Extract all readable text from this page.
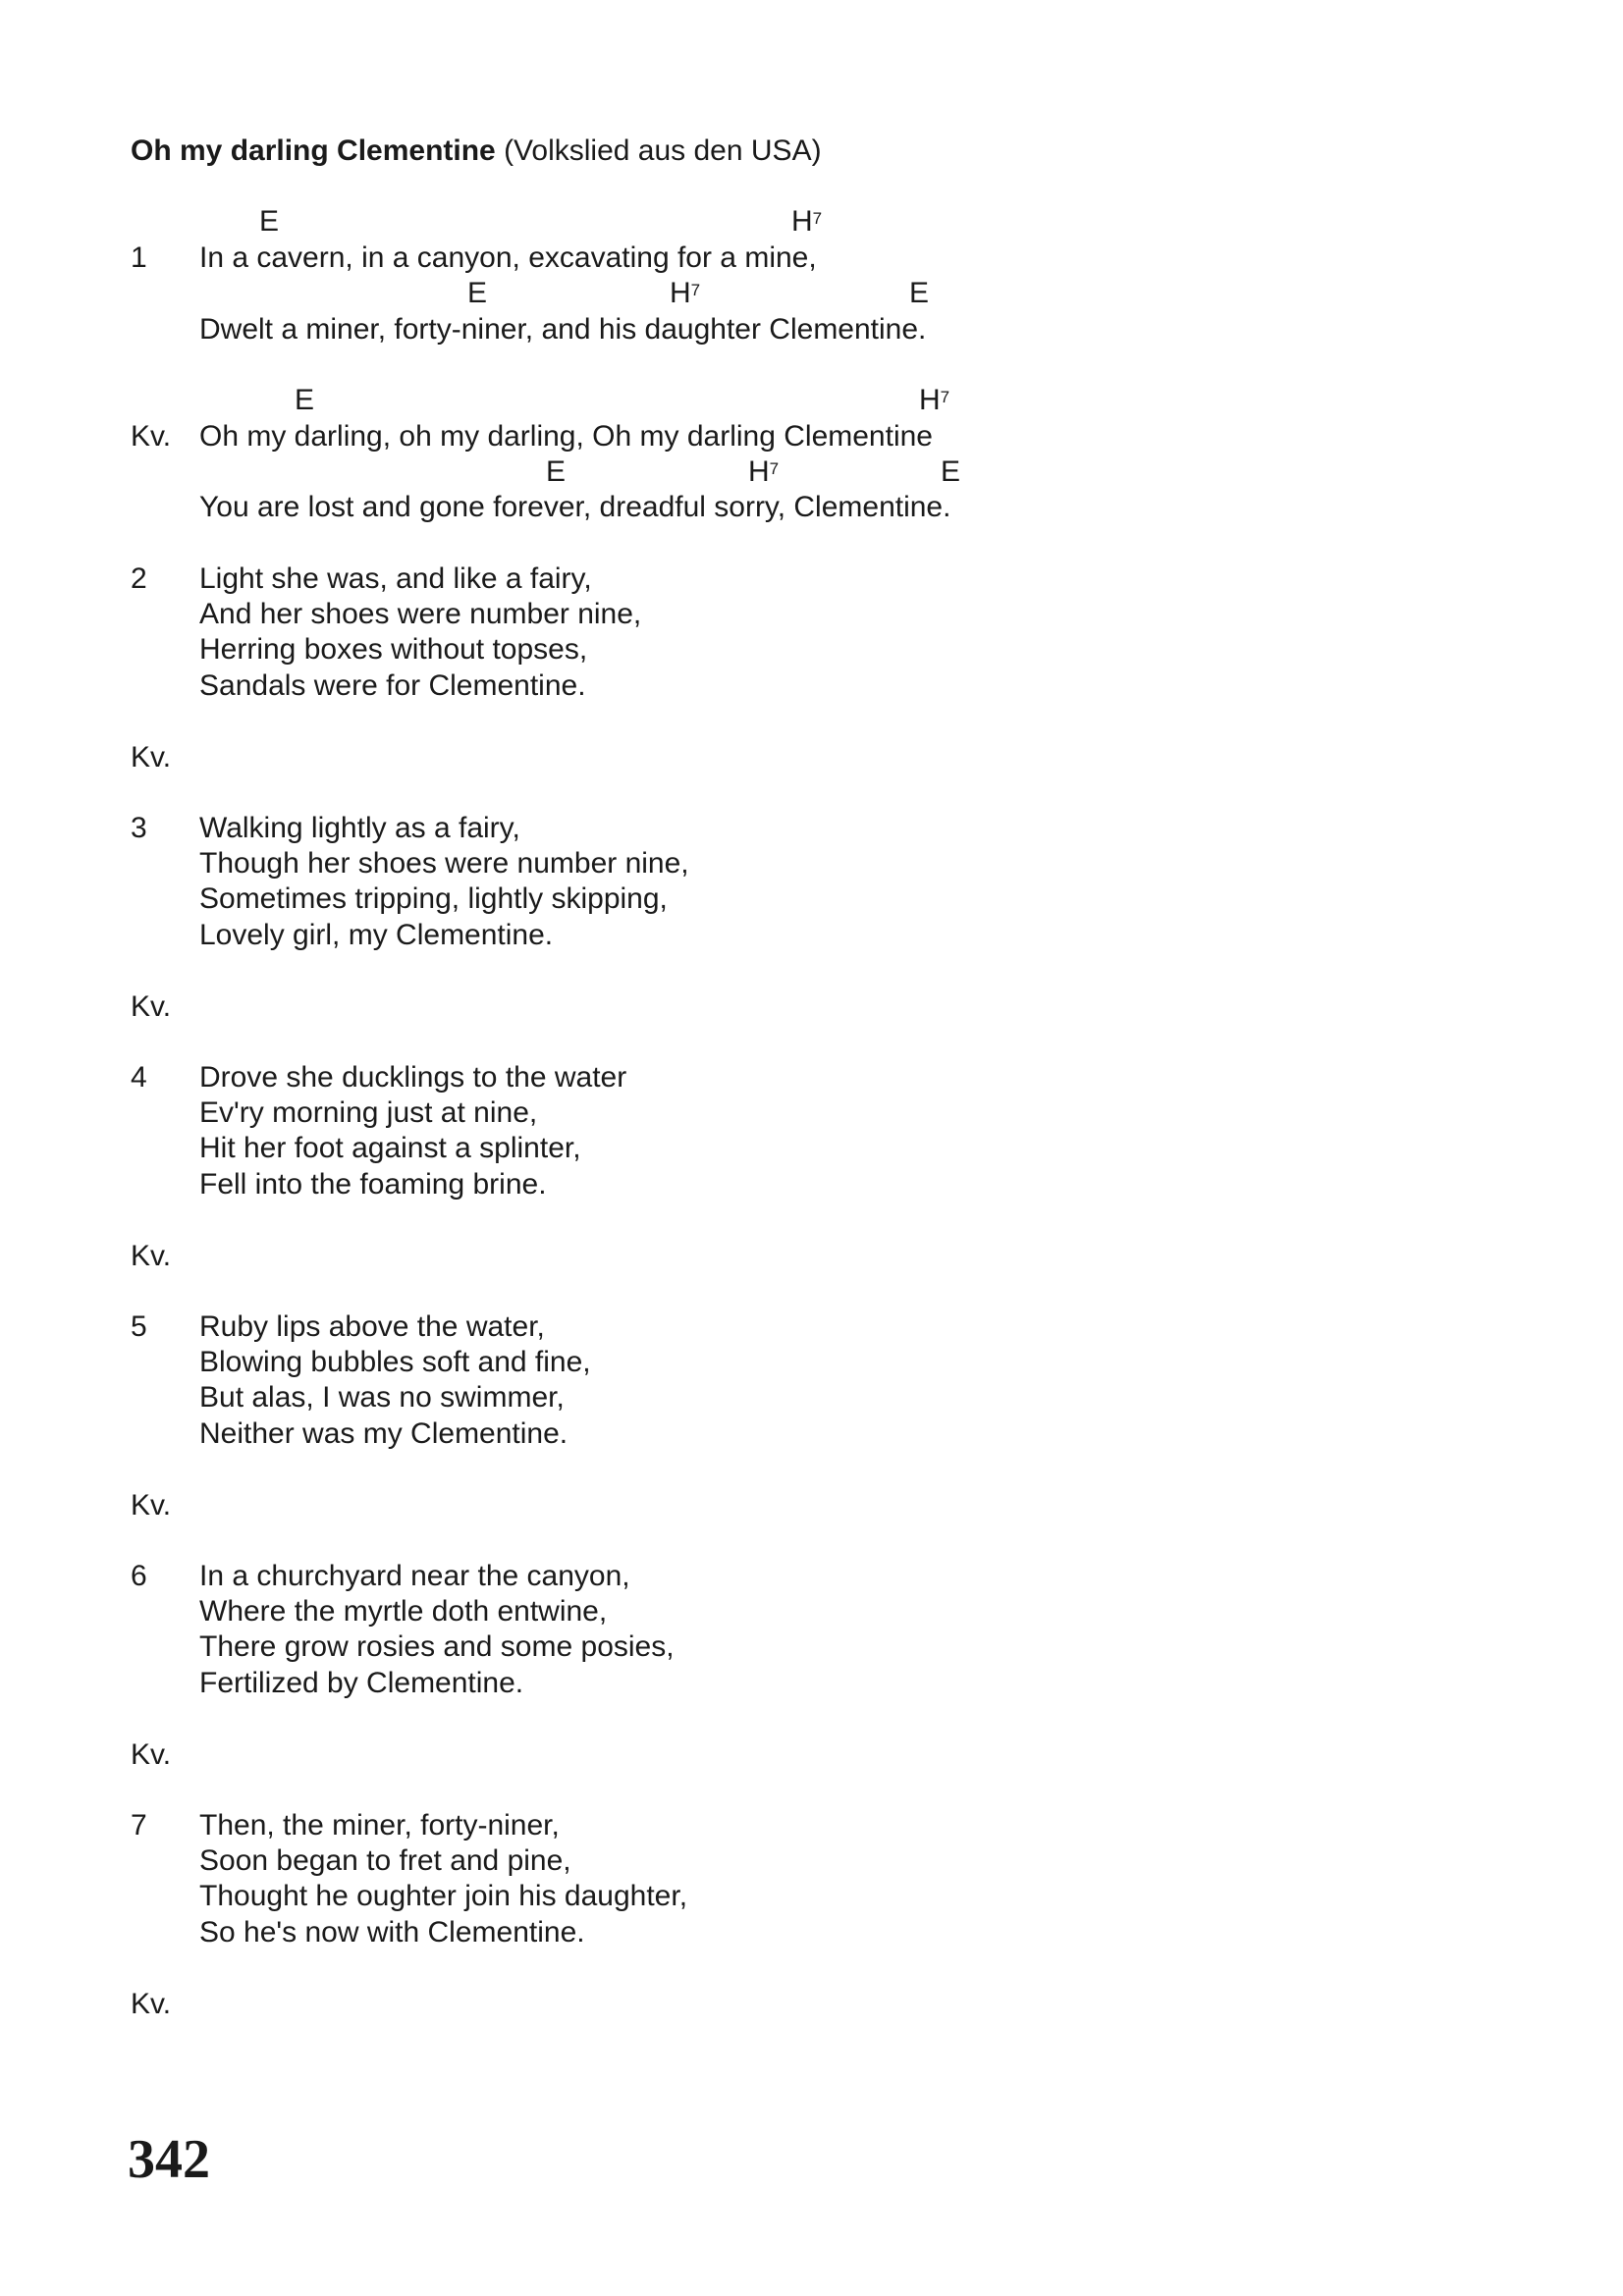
Oh my darling Clementine (Volkslied aus den USA)
E	$H^7$
1 In a cavern, in a canyon, excavating for a mine,
E	$H^7$	E
Dwelt a miner, forty-niner, and his daughter Clementine.
E	$H^7$
Kv. Oh my darling, oh my darling, Oh my darling Clementine
E	$H^7$	E
You are lost and gone forever, dreadful sorry, Clementine.
2 Light she was, and like a fairy,
And her shoes were number nine,
Herring boxes without topses,
Sandals were for Clementine.
Kv.
3 Walking lightly as a fairy,
Though her shoes were number nine,
Sometimes tripping, lightly skipping,
Lovely girl, my Clementine.
Kv.
4 Drove she ducklings to the water
Ev'ry morning just at nine,
Hit her foot against a splinter,
Fell into the foaming brine.
Kv.
5 Ruby lips above the water,
Blowing bubbles soft and fine,
But alas, I was no swimmer,
Neither was my Clementine.
Kv.
6 In a churchyard near the canyon,
Where the myrtle doth entwine,
There grow rosies and some posies,
Fertilized by Clementine.
Kv.
7 Then, the miner, forty-niner,
Soon began to fret and pine,
Thought he oughter join his daughter,
So he's now with Clementine.
Kv.
342
